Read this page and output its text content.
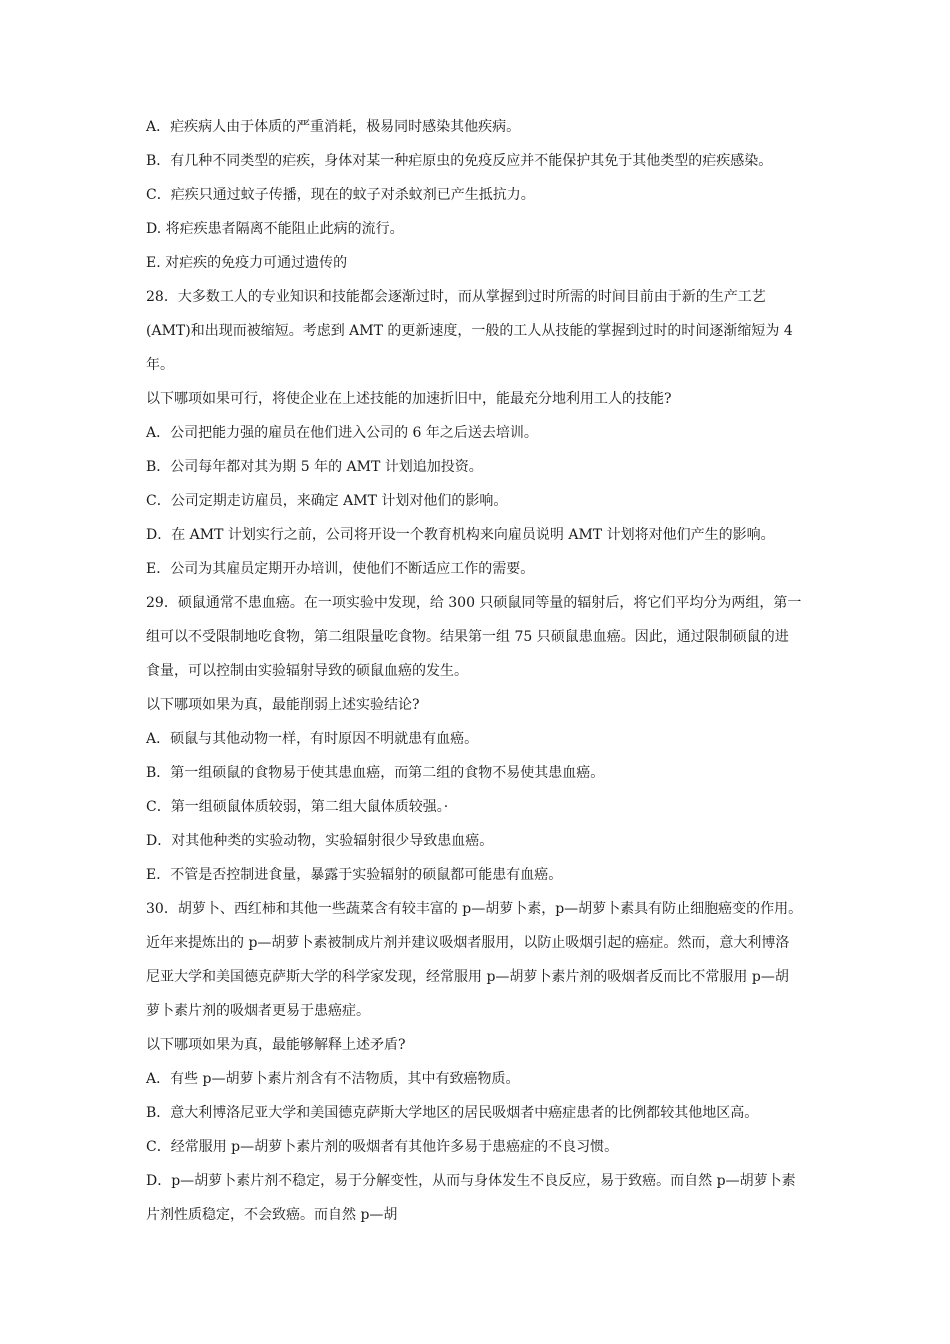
A．疟疾病人由于体质的严重消耗，极易同时感染其他疾病。
B．有几种不同类型的疟疾，身体对某一种疟原虫的免疫反应并不能保护其免于其他类型的疟疾感染。
C．疟疾只通过蚊子传播，现在的蚊子对杀蚊剂已产生抵抗力。
D. 将疟疾患者隔离不能阻止此病的流行。
E. 对疟疾的免疫力可通过遗传的
28．大多数工人的专业知识和技能都会逐渐过时，而从掌握到过时所需的时间目前由于新的生产工艺
(AMT)和出现而被缩短。考虑到 AMT 的更新速度，一般的工人从技能的掌握到过时的时间逐渐缩短为 4
年。
以下哪项如果可行，将使企业在上述技能的加速折旧中，能最充分地利用工人的技能?
A．公司把能力强的雇员在他们进入公司的 6 年之后送去培训。
B．公司每年都对其为期 5 年的 AMT 计划追加投资。
C．公司定期走访雇员，来确定 AMT 计划对他们的影响。
D．在 AMT 计划实行之前，公司将开设一个教育机构来向雇员说明 AMT 计划将对他们产生的影响。
E．公司为其雇员定期开办培训，使他们不断适应工作的需要。
29．硕鼠通常不患血癌。在一项实验中发现，给 300 只硕鼠同等量的辐射后，将它们平均分为两组，第一
组可以不受限制地吃食物，第二组限量吃食物。结果第一组 75 只硕鼠患血癌。因此，通过限制硕鼠的进
食量，可以控制由实验辐射导致的硕鼠血癌的发生。
以下哪项如果为真，最能削弱上述实验结论?
A．硕鼠与其他动物一样，有时原因不明就患有血癌。
B．第一组硕鼠的食物易于使其患血癌，而第二组的食物不易使其患血癌。
C．第一组硕鼠体质较弱，第二组大鼠体质较强。·
D．对其他种类的实验动物，实验辐射很少导致患血癌。
E．不管是否控制进食量，暴露于实验辐射的硕鼠都可能患有血癌。
30．胡萝卜、西红柿和其他一些蔬菜含有较丰富的 p—胡萝卜素，p—胡萝卜素具有防止细胞癌变的作用。
近年来提炼出的 p—胡萝卜素被制成片剂并建议吸烟者服用，以防止吸烟引起的癌症。然而，意大利博洛
尼亚大学和美国德克萨斯大学的科学家发现，经常服用 p—胡萝卜素片剂的吸烟者反而比不常服用 p—胡
萝卜素片剂的吸烟者更易于患癌症。
以下哪项如果为真，最能够解释上述矛盾?
A．有些 p—胡萝卜素片剂含有不洁物质，其中有致癌物质。
B．意大利博洛尼亚大学和美国德克萨斯大学地区的居民吸烟者中癌症患者的比例都较其他地区高。
C．经常服用 p—胡萝卜素片剂的吸烟者有其他许多易于患癌症的不良习惯。
D．p—胡萝卜素片剂不稳定，易于分解变性，从而与身体发生不良反应，易于致癌。而自然 p—胡萝卜素
片剂性质稳定，不会致癌。而自然 p—胡
